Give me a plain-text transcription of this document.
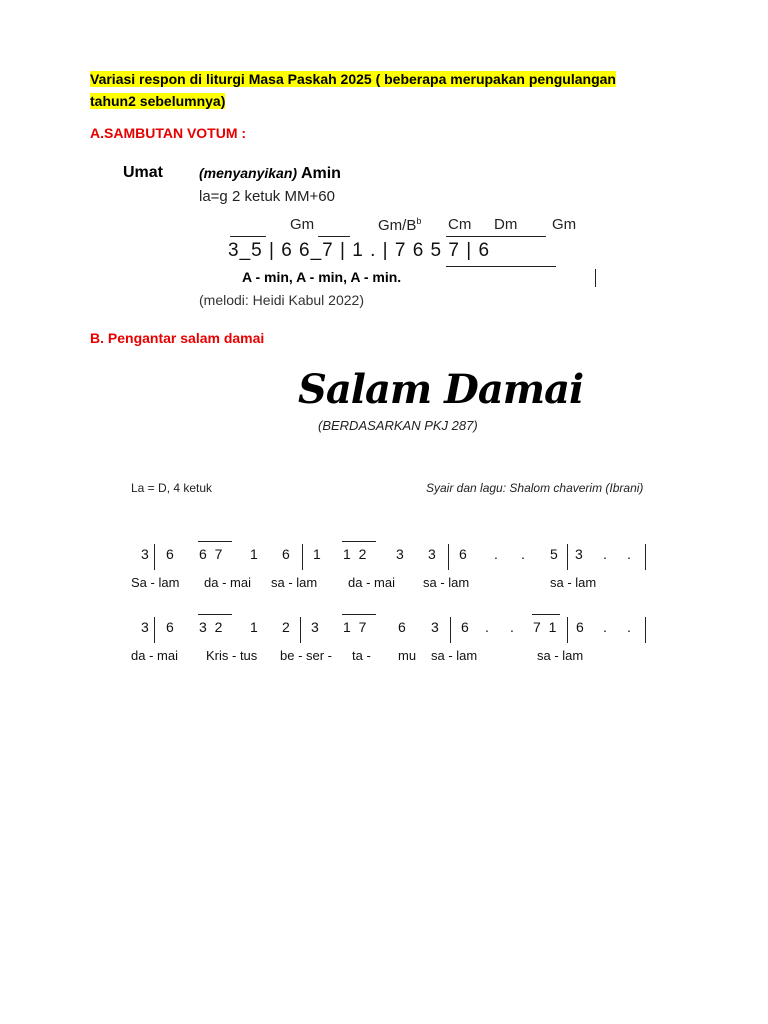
Variasi respon di liturgi Masa Paskah 2025 ( beberapa merupakan pengulangan tahun2 sebelumnya)
A.SAMBUTAN VOTUM :
Umat	(menyanyikan) Amin
la=g 2 ketuk MM+60
Gm	$Gm/B^b$ Cm Dm Gm
3_5 | 6 6_7 | 1 . | 7 6 5 7 | 6
A - min, A - min, A - min.
(melodi: Heidi Kabul 2022)
B. Pengantar salam damai
Salam Damai
(BERDASARKAN PKJ 287)
La = D, 4 ketuk	Syair dan lagu: Shalom chaverim (Ibrani)
3 6 6 7 1 6 1 1 2 3 3 6 . . 5 3 . .
Sa - lam da - mai sa - lam da - mai sa - lam	sa - lam
3 6 3 2 1 2 3 1 7 6 3 6 . . 7 1 6 . .
da - mai Kris - tus be - ser - ta - mu sa - lam	sa - lam
